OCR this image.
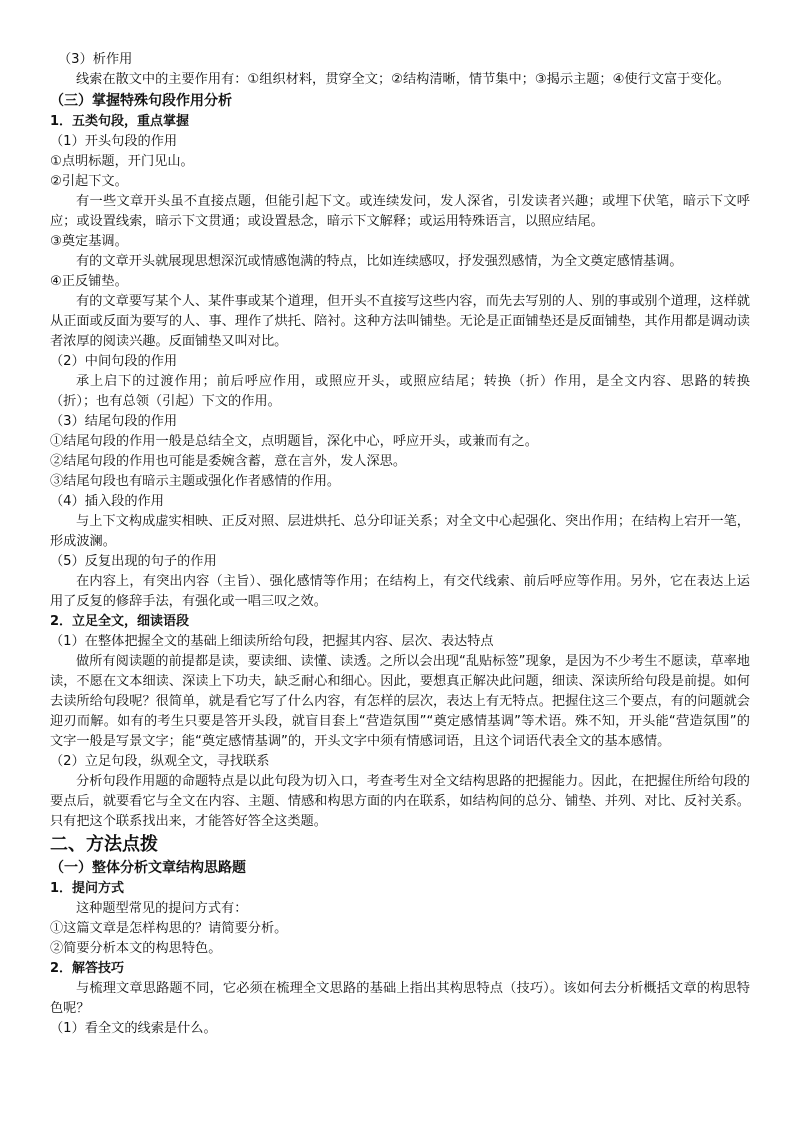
（3）析作用

线索在散文中的主要作用有：①组织材料，贯穿全文；②结构清晰，情节集中；③揭示主题；④使行文富于变化。

（三）掌握特殊句段作用分析

1．五类句段，重点掌握

（1）开头句段的作用

①点明标题，开门见山。

②引起下文。

有一些文章开头虽不直接点题，但能引起下文。或连续发问，发人深省，引发读者兴趣；或埋下伏笔，暗示下文呼应；或设置线索，暗示下文贯通；或设置悬念，暗示下文解释；或运用特殊语言，以照应结尾。

③奠定基调。

有的文章开头就展现思想深沉或情感饱满的特点，比如连续感叹，抒发强烈感情，为全文奠定感情基调。

④正反铺垫。

有的文章要写某个人、某件事或某个道理，但开头不直接写这些内容，而先去写别的人、别的事或别个道理，这样就从正面或反面为要写的人、事、理作了烘托、陪衬。这种方法叫铺垫。无论是正面铺垫还是反面铺垫，其作用都是调动读者浓厚的阅读兴趣。反面铺垫又叫对比。

（2）中间句段的作用

承上启下的过渡作用；前后呼应作用，或照应开头，或照应结尾；转换（折）作用，是全文内容、思路的转换（折）；也有总领（引起）下文的作用。

（3）结尾句段的作用

①结尾句段的作用一般是总结全文，点明题旨，深化中心，呼应开头，或兼而有之。

②结尾句段的作用也可能是委婉含蓄，意在言外，发人深思。

③结尾句段也有暗示主题或强化作者感情的作用。

（4）插入段的作用

与上下文构成虚实相映、正反对照、层进烘托、总分印证关系；对全文中心起强化、突出作用；在结构上宕开一笔，形成波澜。

（5）反复出现的句子的作用

在内容上，有突出内容（主旨）、强化感情等作用；在结构上，有交代线索、前后呼应等作用。另外，它在表达上运用了反复的修辞手法，有强化或一唱三叹之效。

2．立足全文，细读语段

（1）在整体把握全文的基础上细读所给句段，把握其内容、层次、表达特点

做所有阅读题的前提都是读，要读细、读懂、读透。之所以会出现“乱贴标签”现象，是因为不少考生不愿读，草率地读，不愿在文本细读、深读上下功夫，缺乏耐心和细心。因此，要想真正解决此问题，细读、深读所给句段是前提。如何去读所给句段呢？很简单，就是看它写了什么内容，有怎样的层次，表达上有无特点。把握住这三个要点，有的问题就会迎刃而解。如有的考生只要是答开头段，就盲目套上“营造氛围”“奠定感情基调”等术语。殊不知，开头能“营造氛围”的文字一般是写景文字；能“奠定感情基调”的，开头文字中须有情感词语，且这个词语代表全文的基本感情。

（2）立足句段，纵观全文，寻找联系

分析句段作用题的命题特点是以此句段为切入口，考查考生对全文结构思路的把握能力。因此，在把握住所给句段的要点后，就要看它与全文在内容、主题、情感和构思方面的内在联系，如结构间的总分、铺垫、并列、对比、反衬关系。只有把这个联系找出来，才能答好答全这类题。

二、方法点拨

（一）整体分析文章结构思路题

1．提问方式

这种题型常见的提问方式有：

①这篇文章是怎样构思的？请简要分析。

②简要分析本文的构思特色。

2．解答技巧

与梳理文章思路题不同，它必须在梳理全文思路的基础上指出其构思特点（技巧）。该如何去分析概括文章的构思特色呢？

（1）看全文的线索是什么。
